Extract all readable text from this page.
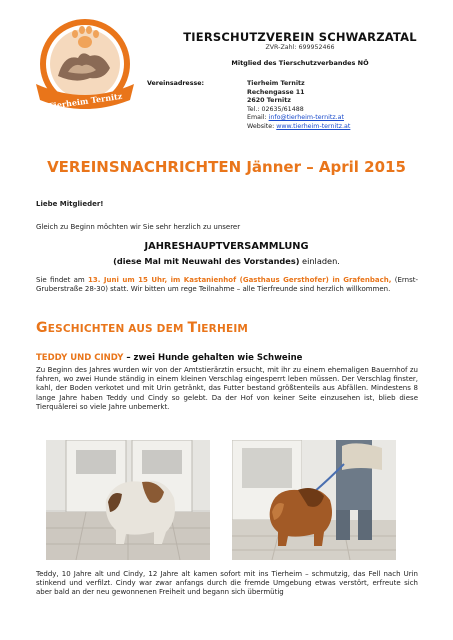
Tierheim Ternitz
TIERSCHUTZVEREIN SCHWARZATAL
ZVR-Zahl: 699952466
Mitglied des Tierschutzverbandes NÖ
Vereinsadresse:	Tierheim Ternitz
Rechengasse 11
2620 Ternitz
Tel.: 02635/61488
Email: info@tierheim-ternitz.at
Website: www.tierheim-ternitz.at
VEREINSNACHRICHTEN Jänner – April 2015
Liebe Mitglieder!
Gleich zu Beginn möchten wir Sie sehr herzlich zu unserer
JAHRESHAUPTVERSAMMLUNG
(diese Mal mit Neuwahl des Vorstandes) einladen.
Sie findet am 13. Juni um 15 Uhr, im Kastanienhof (Gasthaus Gersthofer) in Grafenbach, (Ernst-Gruberstraße 28-30) statt. Wir bitten um rege Teilnahme – alle Tierfreunde sind herzlich willkommen.
GESCHICHTEN AUS DEM TIERHEIM
TEDDY UND CINDY – zwei Hunde gehalten wie Schweine
Zu Beginn des Jahres wurden wir von der Amtstierärztin ersucht, mit ihr zu einem ehemaligen Bauernhof zu fahren, wo zwei Hunde ständig in einem kleinen Verschlag eingesperrt leben müssen. Der Verschlag finster, kahl, der Boden verkotet und mit Urin getränkt, das Futter bestand größtenteils aus Abfällen. Mindestens 8 lange Jahre haben Teddy und Cindy so gelebt. Da der Hof von keiner Seite einzusehen ist, blieb diese Tierquälerei so viele Jahre unbemerkt.
Teddy, 10 Jahre alt und Cindy, 12 Jahre alt kamen sofort mit ins Tierheim – schmutzig, das Fell nach Urin stinkend und verfilzt. Cindy war zwar anfangs durch die fremde Umgebung etwas verstört, erfreute sich aber bald an der neu gewonnenen Freiheit und begann sich übermütig
